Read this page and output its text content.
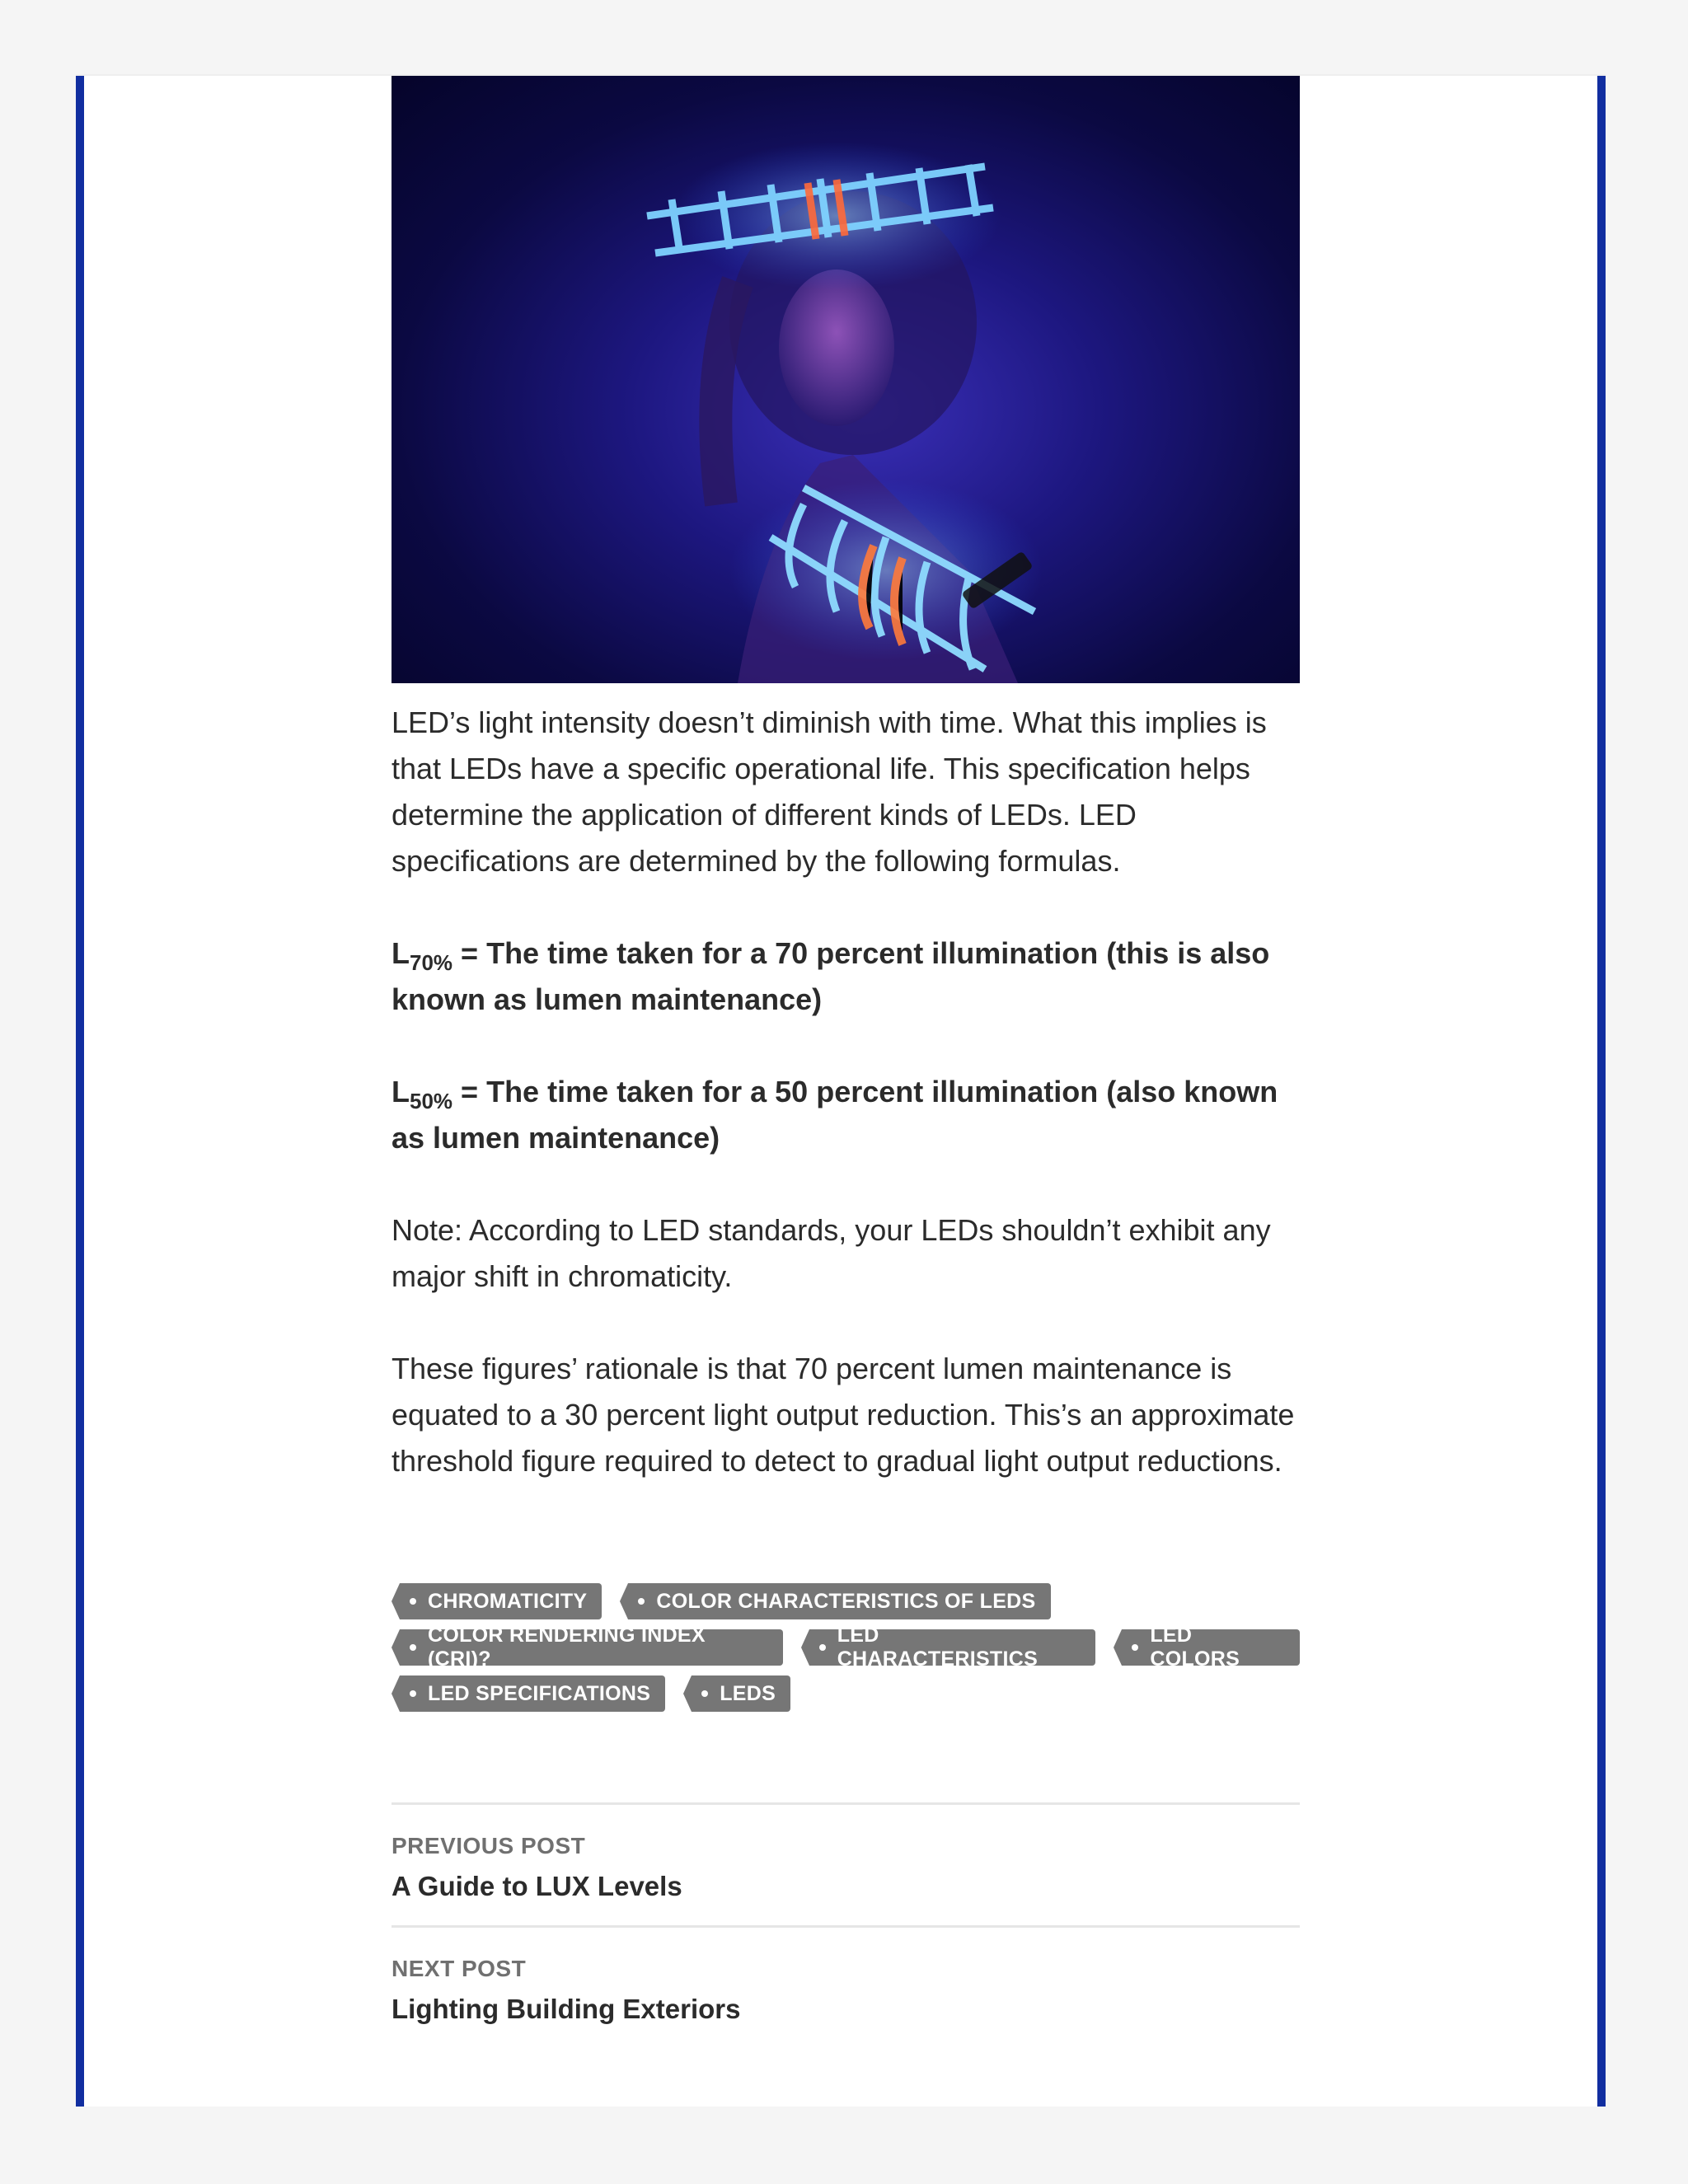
LED’s light intensity doesn’t diminish with time. What this implies is that LEDs have a specific operational life. This specification helps determine the application of different kinds of LEDs. LED specifications are determined by the following formulas.

$L_{70\%}$ = The time taken for a 70 percent illumination (this is also known as lumen maintenance)

$L_{50\%}$ = The time taken for a 50 percent illumination (also known as lumen maintenance)

Note: According to LED standards, your LEDs shouldn’t exhibit any major shift in chromaticity.

These figures’ rationale is that 70 percent lumen maintenance is equated to a 30 percent light output reduction. This’s an approximate threshold figure required to detect to gradual light output reductions.

CHROMATICITY	COLOR CHARACTERISTICS OF LEDS
COLOR RENDERING INDEX (CRI)?
LED CHARACTERISTICS
LED COLORS
LED SPECIFICATIONS	LEDS
PREVIOUS POST
A Guide to LUX Levels
NEXT POST
Lighting Building Exteriors
